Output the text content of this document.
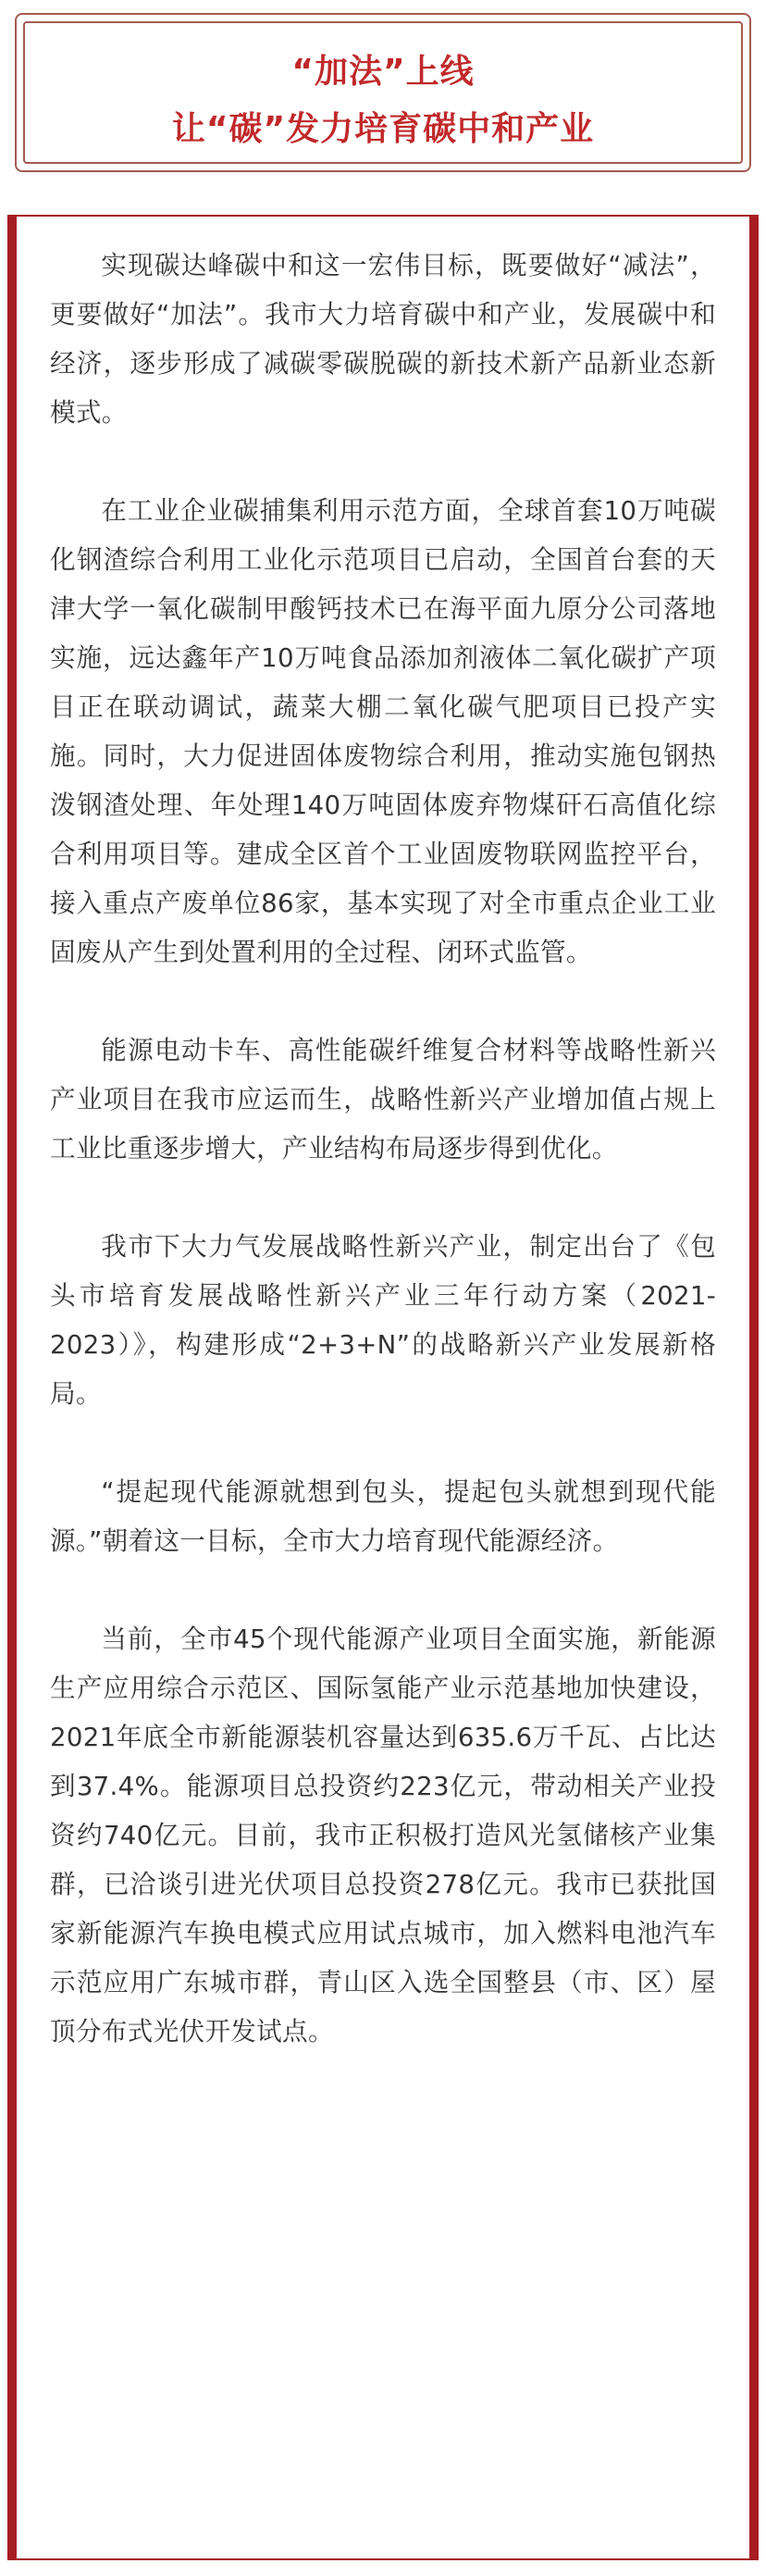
“加法”上线
让“碳”发力培育碳中和产业

实现碳达峰碳中和这一宏伟目标，既要做好“减法”，更要做好“加法”。我市大力培育碳中和产业，发展碳中和经济，逐步形成了减碳零碳脱碳的新技术新产品新业态新模式。

在工业企业碳捕集利用示范方面，全球首套10万吨碳化钢渣综合利用工业化示范项目已启动，全国首台套的天津大学一氧化碳制甲酸钙技术已在海平面九原分公司落地实施，远达鑫年产10万吨食品添加剂液体二氧化碳扩产项目正在联动调试，蔬菜大棚二氧化碳气肥项目已投产实施。同时，大力促进固体废物综合利用，推动实施包钢热泼钢渣处理、年处理140万吨固体废弃物煤矸石高值化综合利用项目等。建成全区首个工业固废物联网监控平台，接入重点产废单位86家，基本实现了对全市重点企业工业固废从产生到处置利用的全过程、闭环式监管。

能源电动卡车、高性能碳纤维复合材料等战略性新兴产业项目在我市应运而生，战略性新兴产业增加值占规上工业比重逐步增大，产业结构布局逐步得到优化。

我市下大力气发展战略性新兴产业，制定出台了《包头市培育发展战略性新兴产业三年行动方案（2021-2023）》，构建形成“2+3+N”的战略新兴产业发展新格局。

“提起现代能源就想到包头，提起包头就想到现代能源。”朝着这一目标，全市大力培育现代能源经济。

当前，全市45个现代能源产业项目全面实施，新能源生产应用综合示范区、国际氢能产业示范基地加快建设，2021年底全市新能源装机容量达到635.6万千瓦、占比达到37.4%。能源项目总投资约223亿元，带动相关产业投资约740亿元。目前，我市正积极打造风光氢储核产业集群，已洽谈引进光伏项目总投资278亿元。我市已获批国家新能源汽车换电模式应用试点城市，加入燃料电池汽车示范应用广东城市群，青山区入选全国整县（市、区）屋顶分布式光伏开发试点。
